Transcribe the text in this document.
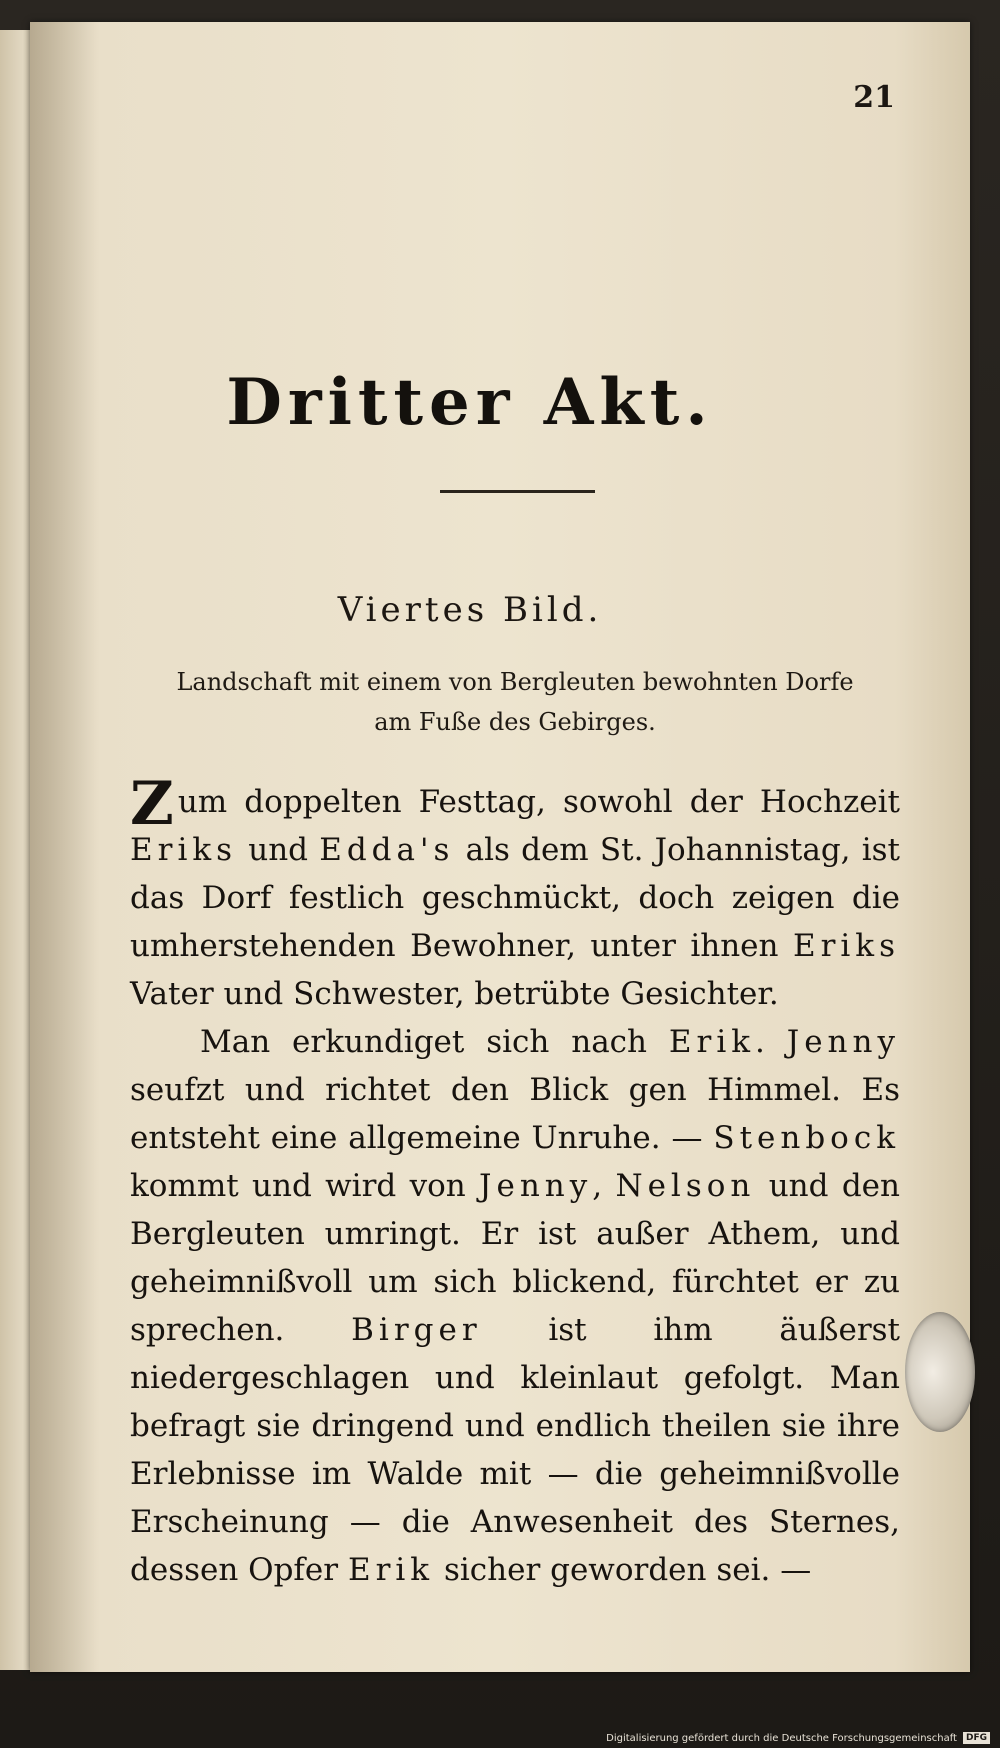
21
Dritter Akt.
Viertes Bild.
Landschaft mit einem von Bergleuten bewohnten Dorfe am Fuße des Gebirges.

Zum doppelten Festtag, sowohl der Hochzeit Eriks und Edda's als dem St. Johannistag, ist das Dorf festlich geschmückt, doch zeigen die umherstehenden Bewohner, unter ihnen Eriks Vater und Schwester, betrübte Gesichter.

Man erkundiget sich nach Erik. Jenny seufzt und richtet den Blick gen Himmel. Es entsteht eine allgemeine Unruhe. — Stenbock kommt und wird von Jenny, Nelson und den Bergleuten umringt. Er ist außer Athem, und geheimnißvoll um sich blickend, fürchtet er zu sprechen. Birger ist ihm äußerst niedergeschlagen und kleinlaut gefolgt. Man befragt sie dringend und endlich theilen sie ihre Erlebnisse im Walde mit — die geheimnißvolle Erscheinung — die Anwesenheit des Sternes, dessen Opfer Erik sicher geworden sei. —

Digitalisierung gefördert durch die Deutsche Forschungsgemeinschaft	DFG
